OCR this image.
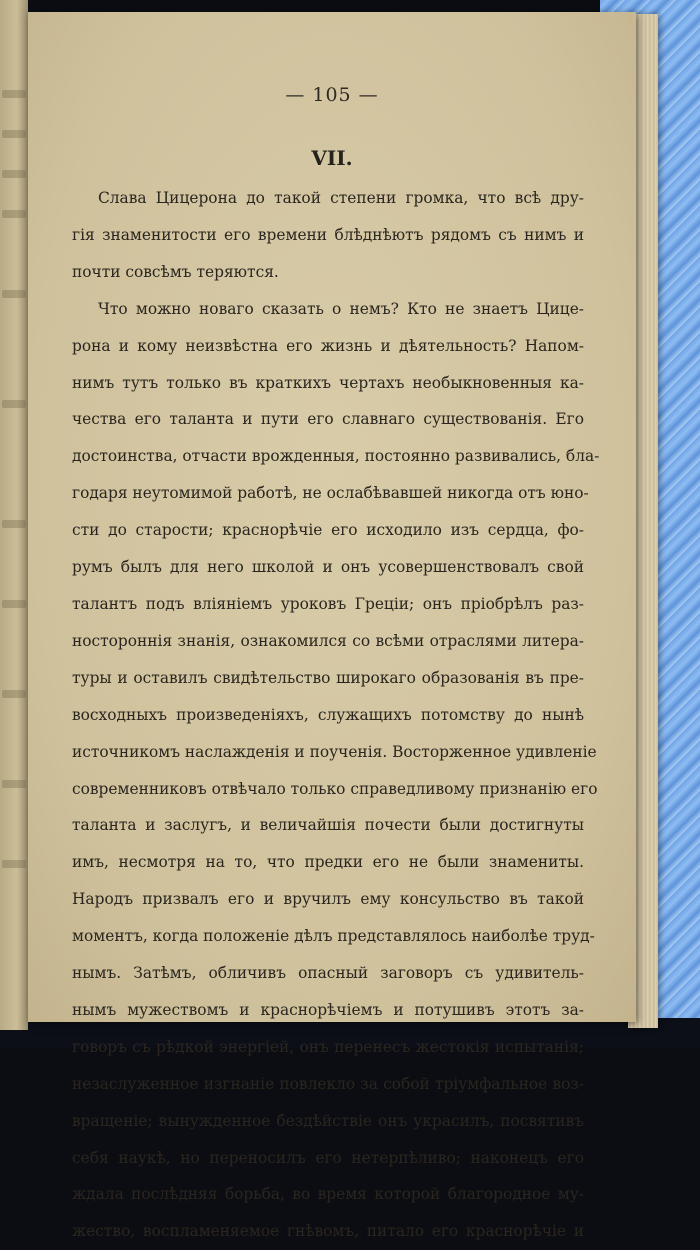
— 105 —
VII.
Слава Цицерона до такой степени громка, что всѣ дру-
гія знаменитости его времени блѣднѣютъ рядомъ съ нимъ и
почти совсѣмъ теряются.
Что можно новаго сказать о немъ? Кто не знаетъ Цице-
рона и кому неизвѣстна его жизнь и дѣятельность? Напом-
нимъ тутъ только въ краткихъ чертахъ необыкновенныя ка-
чества его таланта и пути его славнаго существованія. Его
достоинства, отчасти врожденныя, постоянно развивались, бла-
годаря неутомимой работѣ, не ослабѣвавшей никогда отъ юно-
сти до старости; краснорѣчіе его исходило изъ сердца, фо-
румъ былъ для него школой и онъ усовершенствовалъ свой
талантъ подъ вліяніемъ уроковъ Греціи; онъ пріобрѣлъ раз-
ностороннія знанія, ознакомился со всѣми отраслями литера-
туры и оставилъ свидѣтельство широкаго образованія въ пре-
восходныхъ произведеніяхъ, служащихъ потомству до нынѣ
источникомъ наслажденія и поученія. Восторженное удивленіе
современниковъ отвѣчало только справедливому признанію его
таланта и заслугъ, и величайшія почести были достигнуты
имъ, несмотря на то, что предки его не были знамениты.
Народъ призвалъ его и вручилъ ему консульство въ такой
моментъ, когда положеніе дѣлъ представлялось наиболѣе труд-
нымъ. Затѣмъ, обличивъ опасный заговоръ съ удивитель-
нымъ мужествомъ и краснорѣчіемъ и потушивъ этотъ за-
говоръ съ рѣдкой энергіей, онъ перенесъ жестокія испытанія;
незаслуженное изгнаніе повлекло за собой тріумфальное воз-
вращеніе; вынужденное бездѣйствіе онъ украсилъ, посвятивъ
себя наукѣ, но переносилъ его нетерпѣливо; наконецъ его
ждала послѣдняя борьба, во время которой благородное му-
жество, воспламеняемое гнѣвомъ, питало его краснорѣчіе и
